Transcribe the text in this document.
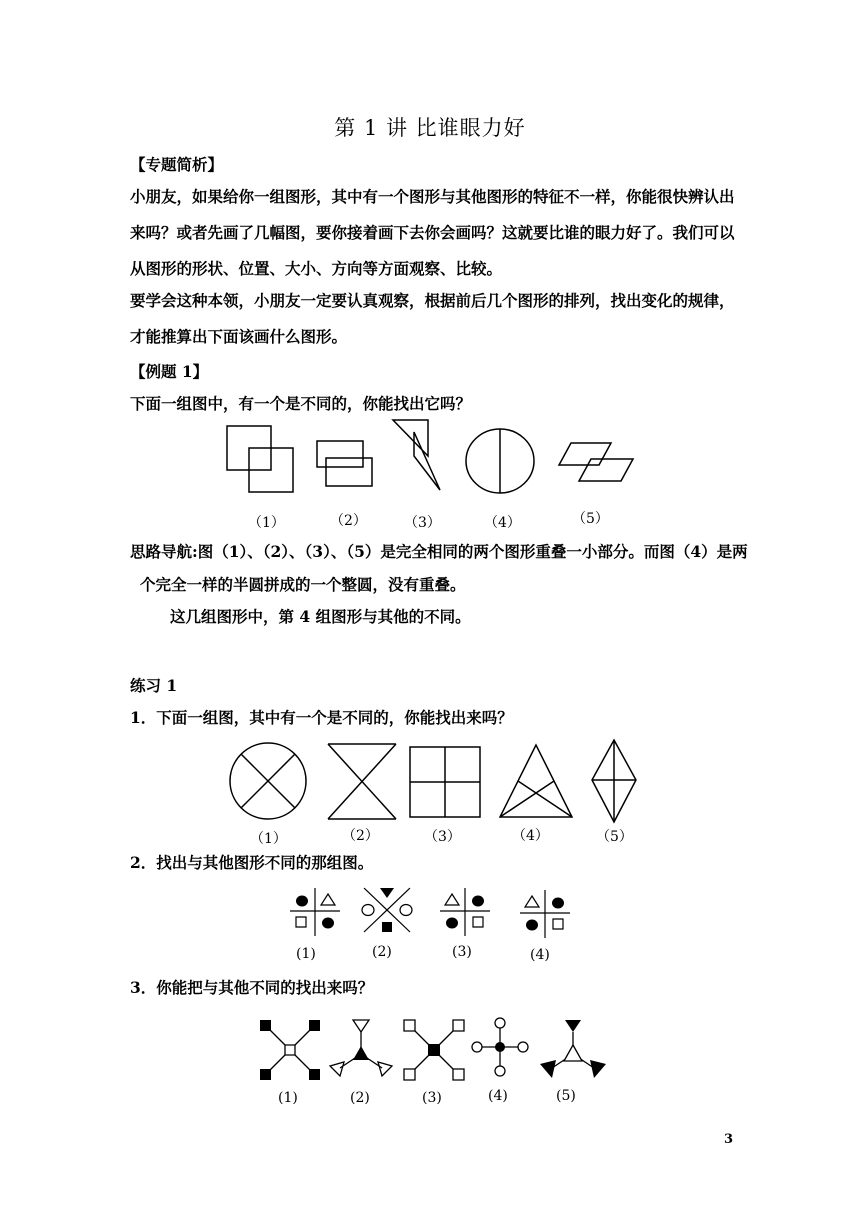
第 1 讲 比谁眼力好
【专题简析】
小朋友，如果给你一组图形，其中有一个图形与其他图形的特征不一样，你能很快辨认出
来吗？或者先画了几幅图，要你接着画下去你会画吗？这就要比谁的眼力好了。我们可以
从图形的形状、位置、大小、方向等方面观察、比较。
要学会这种本领，小朋友一定要认真观察，根据前后几个图形的排列，找出变化的规律，
才能推算出下面该画什么图形。
【例题 1】
下面一组图中，有一个是不同的，你能找出它吗？
（1）	（2）	（3）	（4）	（5）
思路导航:图（1）、（2）、（3）、（5）是完全相同的两个图形重叠一小部分。而图（4）是两
个完全一样的半圆拼成的一个整圆，没有重叠。
这几组图形中，第 4 组图形与其他的不同。
练习 1
1．下面一组图，其中有一个是不同的，你能找出来吗？
（1）	（2）	（3）	（4）	（5）
2．找出与其他图形不同的那组图。
(1)	(2)	(3)	(4)
3．你能把与其他不同的找出来吗？
(1)	(2)	(3)	(4)	(5)
3
